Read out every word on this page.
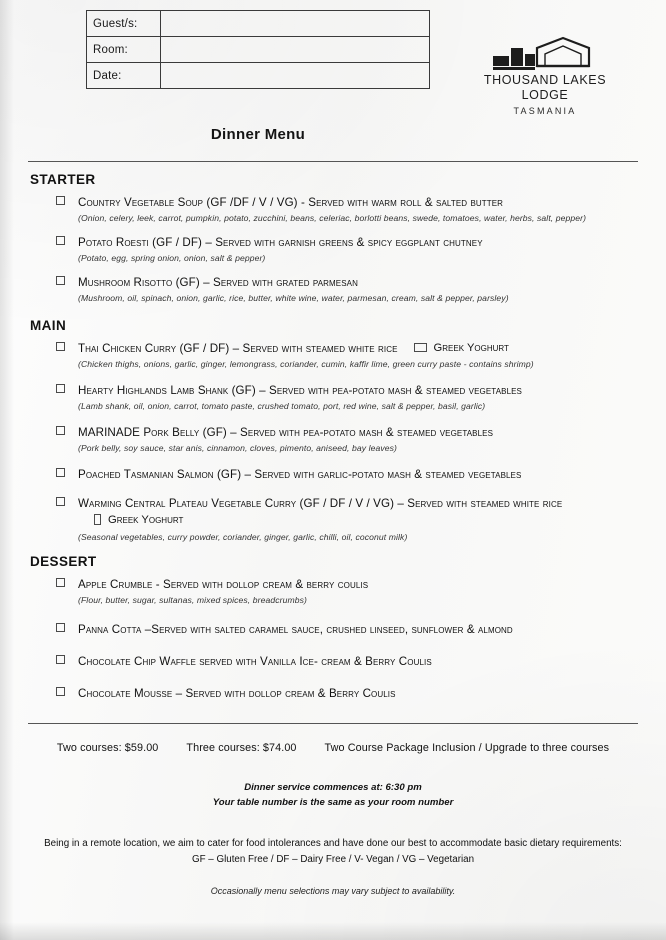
Guest/s:	
Room:	
Date:		THOUSAND LAKES
LODGE
TASMANIA
Dinner Menu
STARTER
Country Vegetable Soup (GF /DF / V / VG) - Served with warm roll & salted butter
(Onion, celery, leek, carrot, pumpkin, potato, zucchini, beans, celeriac, borlotti beans, swede, tomatoes, water, herbs, salt, pepper)
Potato Roesti (GF / DF) – Served with garnish greens & spicy eggplant chutney
(Potato, egg, spring onion, onion, salt & pepper)
Mushroom Risotto (GF) – Served with grated parmesan
(Mushroom, oil, spinach, onion, garlic, rice, butter, white wine, water, parmesan, cream, salt & pepper, parsley)
MAIN
Thai Chicken Curry (GF / DF) – Served with steamed white rice	Greek Yoghurt
(Chicken thighs, onions, garlic, ginger, lemongrass, coriander, cumin, kaffir lime, green curry paste - contains shrimp)
Hearty Highlands Lamb Shank (GF) – Served with pea-potato mash & steamed vegetables
(Lamb shank, oil, onion, carrot, tomato paste, crushed tomato, port, red wine, salt & pepper, basil, garlic)
MARINADE Pork Belly (GF) – Served with pea-potato mash & steamed vegetables
(Pork belly, soy sauce, star anis, cinnamon, cloves, pimento, aniseed, bay leaves)
Poached Tasmanian Salmon (GF) – Served with garlic-potato mash & steamed vegetables
Warming Central Plateau Vegetable Curry (GF / DF / V / VG) – Served with steamed white rice
Greek Yoghurt
(Seasonal vegetables, curry powder, coriander, ginger, garlic, chilli, oil, coconut milk)
DESSERT
Apple Crumble - Served with dollop cream & berry coulis
(Flour, butter, sugar, sultanas, mixed spices, breadcrumbs)
Panna Cotta –Served with salted caramel sauce, crushed linseed, sunflower & almond
Chocolate Chip Waffle served with Vanilla Ice- cream & Berry Coulis
Chocolate Mousse – Served with dollop cream & Berry Coulis
Two courses: $59.00	Three courses: $74.00	Two Course Package Inclusion / Upgrade to three courses
Dinner service commences at: 6:30 pm
Your table number is the same as your room number
Being in a remote location, we aim to cater for food intolerances and have done our best to accommodate basic dietary requirements:
GF – Gluten Free / DF – Dairy Free / V- Vegan / VG – Vegetarian
Occasionally menu selections may vary subject to availability.
